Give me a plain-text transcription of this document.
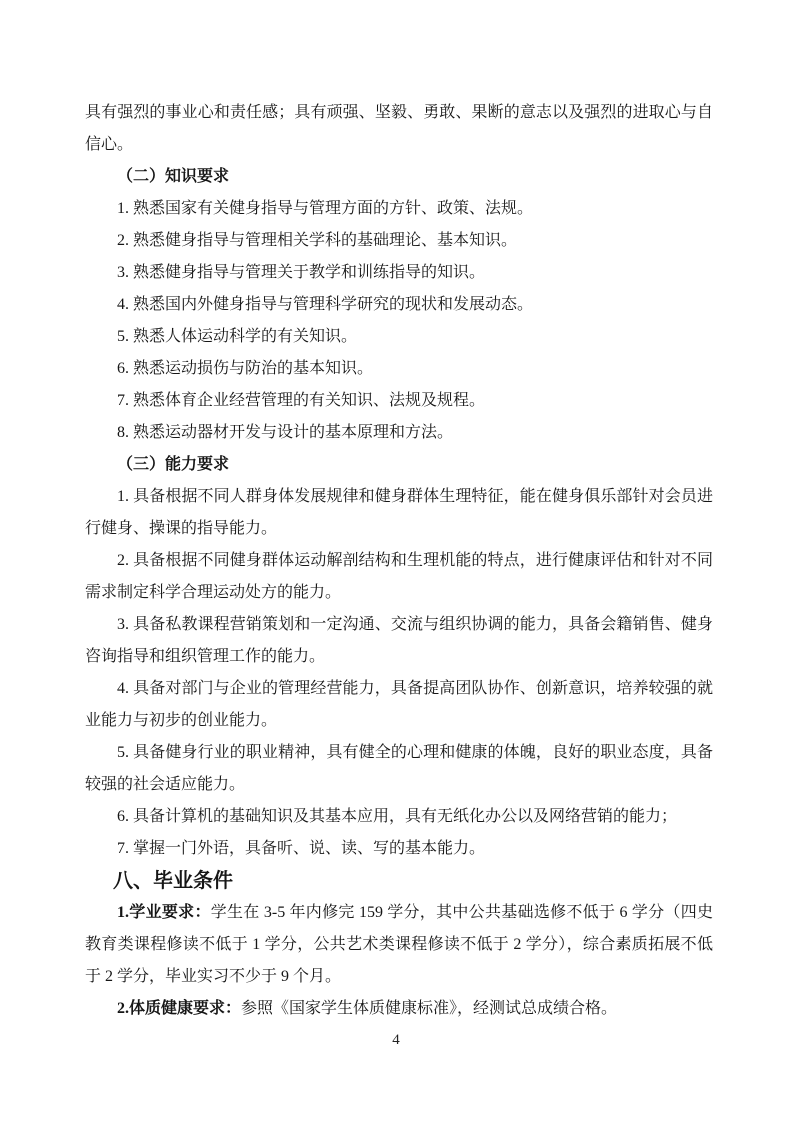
具有强烈的事业心和责任感；具有顽强、坚毅、勇敢、果断的意志以及强烈的进取心与自信心。

（二）知识要求

1. 熟悉国家有关健身指导与管理方面的方针、政策、法规。

2. 熟悉健身指导与管理相关学科的基础理论、基本知识。

3. 熟悉健身指导与管理关于教学和训练指导的知识。

4. 熟悉国内外健身指导与管理科学研究的现状和发展动态。

5. 熟悉人体运动科学的有关知识。

6. 熟悉运动损伤与防治的基本知识。

7. 熟悉体育企业经营管理的有关知识、法规及规程。

8. 熟悉运动器材开发与设计的基本原理和方法。

（三）能力要求

1. 具备根据不同人群身体发展规律和健身群体生理特征，能在健身俱乐部针对会员进行健身、操课的指导能力。

2. 具备根据不同健身群体运动解剖结构和生理机能的特点，进行健康评估和针对不同需求制定科学合理运动处方的能力。

3. 具备私教课程营销策划和一定沟通、交流与组织协调的能力，具备会籍销售、健身咨询指导和组织管理工作的能力。

4. 具备对部门与企业的管理经营能力，具备提高团队协作、创新意识，培养较强的就业能力与初步的创业能力。

5. 具备健身行业的职业精神，具有健全的心理和健康的体魄，良好的职业态度，具备较强的社会适应能力。

6. 具备计算机的基础知识及其基本应用，具有无纸化办公以及网络营销的能力；

7. 掌握一门外语，具备听、说、读、写的基本能力。

八、毕业条件

1.学业要求：学生在 3-5 年内修完 159 学分，其中公共基础选修不低于 6 学分（四史教育类课程修读不低于 1 学分，公共艺术类课程修读不低于 2 学分），综合素质拓展不低于 2 学分，毕业实习不少于 9 个月。

2.体质健康要求：参照《国家学生体质健康标准》，经测试总成绩合格。

4
